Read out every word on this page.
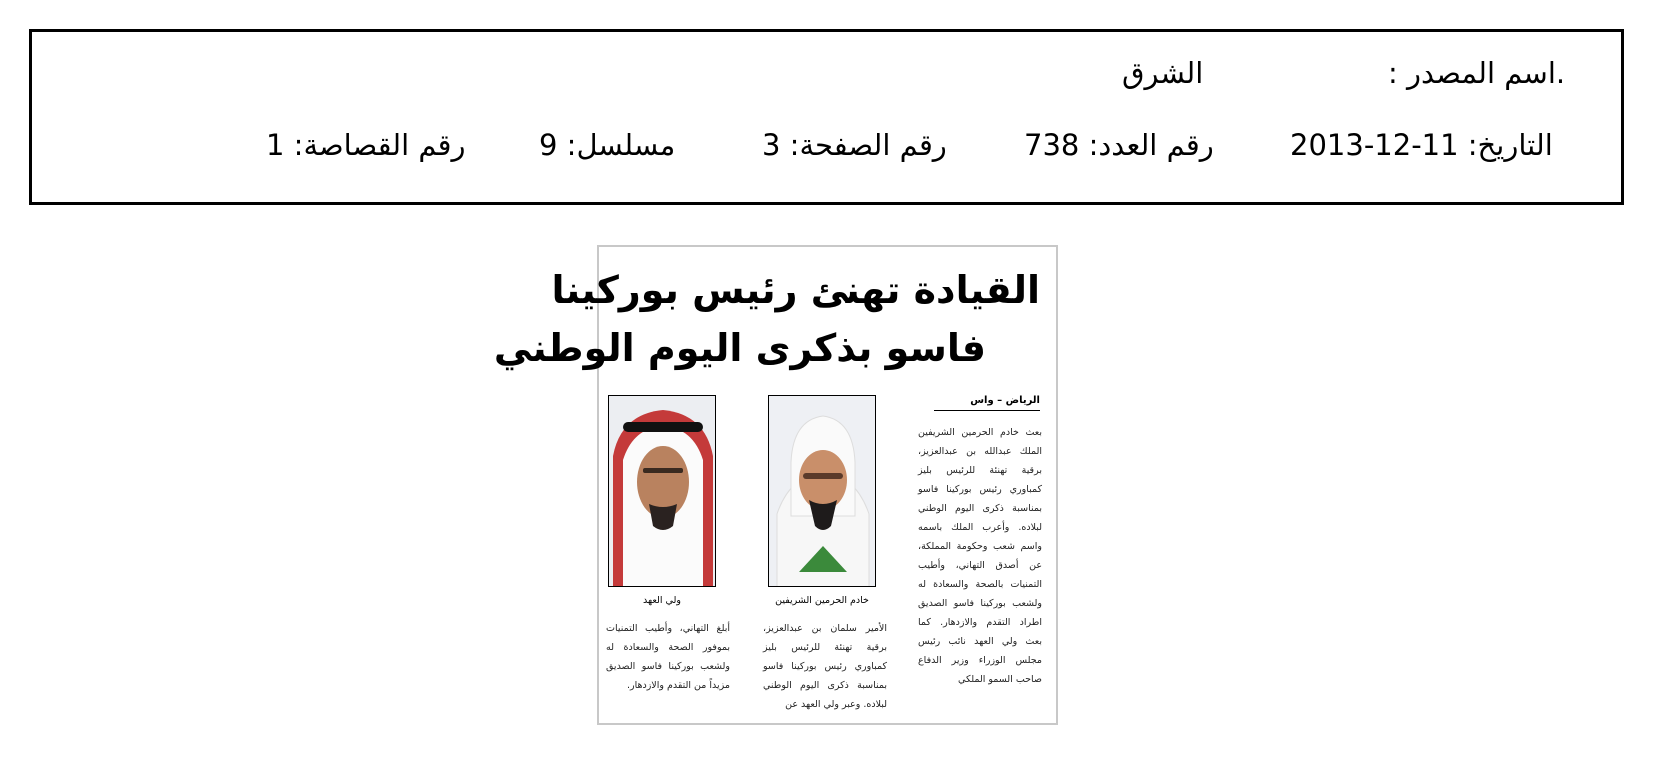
.اسم المصدر :
الشرق
التاريخ: 11-12-2013
رقم العدد: 738
رقم الصفحة: 3
مسلسل: 9
رقم القصاصة: 1
القيادة تهنئ رئيس بوركينا
فاسو بذكرى اليوم الوطني
الرياض – واس
بعث خادم الحرمين الشريفين الملك عبدالله بن عبدالعزيز، برقية تهنئة للرئيس بليز كمباوري رئيس بوركينا فاسو بمناسبة ذكرى اليوم الوطني لبلاده. وأعرب الملك باسمه واسم شعب وحكومة المملكة، عن أصدق التهاني، وأطيب التمنيات بالصحة والسعادة له ولشعب بوركينا فاسو الصديق اطراد التقدم والازدهار. كما بعث ولي العهد نائب رئيس مجلس الوزراء وزير الدفاع صاحب السمو الملكي
خادم الحرمين الشريفين
ولي العهد
الأمير سلمان بن عبدالعزيز، برقية تهنئة للرئيس بليز كمباوري رئيس بوركينا فاسو بمناسبة ذكرى اليوم الوطني لبلاده. وعبر ولي العهد عن
أبلغ التهاني، وأطيب التمنيات بموفور الصحة والسعادة له ولشعب بوركينا فاسو الصديق مزيداً من التقدم والازدهار.
